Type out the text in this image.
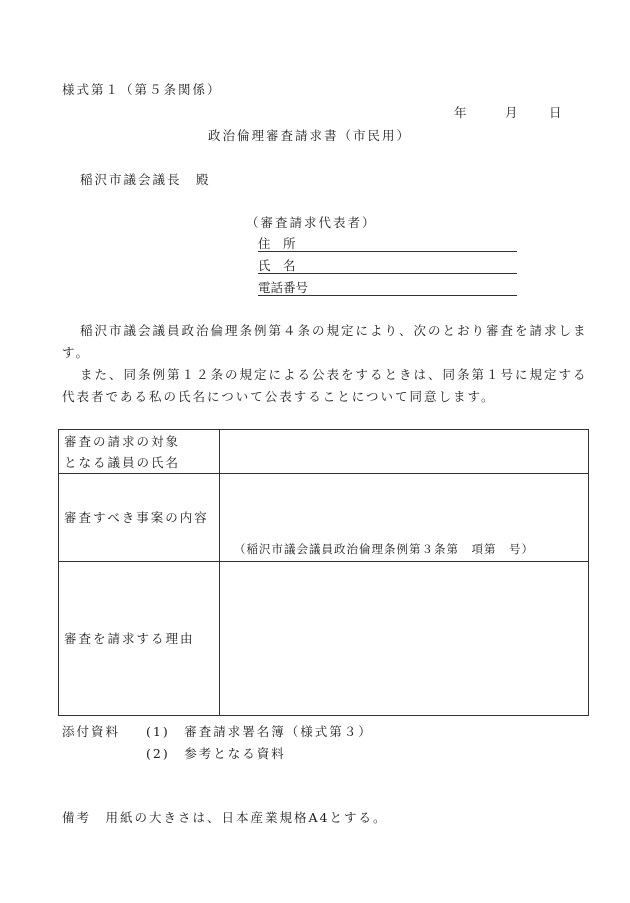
様式第１（第５条関係）
年	月	日
政治倫理審査請求書（市民用）
稲沢市議会議長　殿
（審査請求代表者）
住　所
氏　名
電話番号
稲沢市議会議員政治倫理条例第４条の規定により、次のとおり審査を請求します。
また、同条例第１２条の規定による公表をするときは、同条第１号に規定する代表者である私の氏名について公表することについて同意します。
審査の請求の対象
となる議員の氏名	

審査すべき事案の内容	（稲沢市議会議員政治倫理条例第３条第　項第　号）

審査を請求する理由	
添付資料 (1)　審査請求署名簿（様式第３）
(2)　参考となる資料
備考　用紙の大きさは、日本産業規格A4とする。
